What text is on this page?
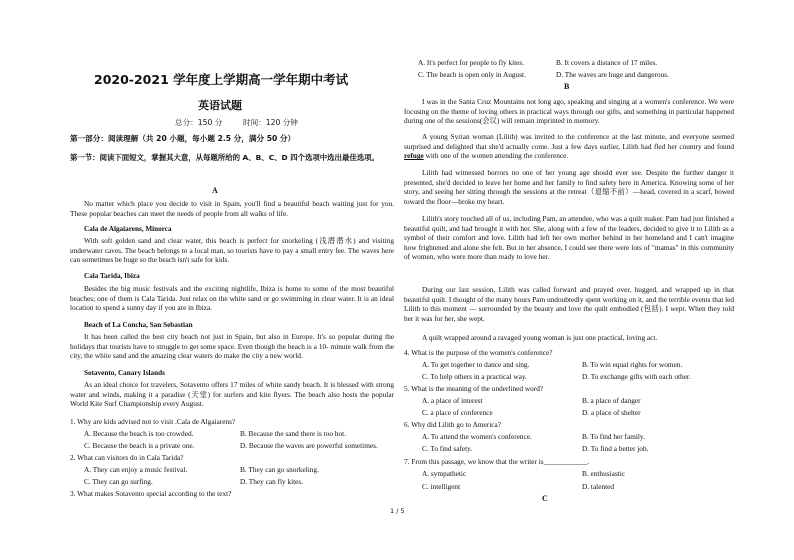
2020-2021 学年度上学期高一学年期中考试
英语试题
总分：150 分	时间：120 分钟
第一部分：阅读理解（共 20 小题，每小题 2.5 分，满分 50 分）
第一节：阅读下面短文，掌握其大意，从每题所给的 A、B、C、D 四个选项中选出最佳选项。
A
No matter which place you decide to visit in Spain, you'll find a beautiful beach waiting just for you. These popular beaches can meet the needs of people from all walks of life.
Cala de Algaiarens, Minorca
With soft golden sand and clear water, this beach is perfect for snorkeling (浅潜潜水) and visiting underwater caves. The beach belongs to a local man, so tourists have to pay a small entry fee. The waves here can sometimes be huge so the beach isn't safe for kids.
Cala Tarida, Ibiza
Besides the big music festivals and the exciting nightlife, Ibiza is home to some of the most beautiful beaches; one of them is Cala Tarida. Just relax on the white sand or go swimming in clear water. It is an ideal location to spend a sunny day if you are in Ibiza.
Beach of La Concha, San Sebastian
It has been called the best city beach not just in Spain, but also in Europe. It's so popular during the holidays that tourists have to struggle to get some space. Even though the beach is a 10- minute walk from the city, the white sand and the amazing clear waters do make the city a new world.
Sotavento, Canary Islands
As an ideal choice for travelers, Sotavento offers 17 miles of white sandy beach. It is blessed with strong water and winds, making it a paradise (天堂) for surfers and kite flyers. The beach also hosts the popular World Kite Surf Championship every August.
1. Why are kids advised not to visit .Cala de Algaiarens?
A. Because the beach is too crowded.	B. Because the sand there is too hot.
C. Because the beach is a private one.	D. Because the waves are powerful sometimes.
2. What can visitors do in Cala Tarida?
A. They can enjoy a music festival.	B. They can go snorkeling.
C. They can go surfing.	D. They can fly kites.
3. What makes Sotavento special according to the text?
A. It's perfect for people to fly kites.	B. It covers a distance of 17 miles.
C. The beach is open only in August.	D. The waves are huge and dangerous.
B
I was in the Santa Cruz Mountains not long ago, speaking and singing at a women's conference. We were focusing on the theme of loving others in practical ways through our gifts, and something in particular happened during one of the sessions(会议) will remain imprinted in memory.
A young Syrian woman (Lilith) was invited to the conference at the last minute, and everyone seemed surprised and delighted that she'd actually come. Just a few days earlier, Lilith had fled her country and found refuge with one of the women attending the conference.
Lilith had witnessed horrors no one of her young age should ever see. Despite the further danger it presented, she'd decided to leave her home and her family to find safety here in America. Knowing some of her story, and seeing her sitting through the sessions at the retreat（退缩不前）—head, covered in a scarf, bowed toward the floor—broke my heart.
Lilith's story touched all of us, including Pam, an attendee, who was a quilt maker. Pam had just finished a beautiful quilt, and had brought it with her. She, along with a few of the leaders, decided to give it to Lilith as a symbol of their comfort and love. Lilith had left her own mother behind in her homeland and I can't imagine how frightened and alone she felt. But in her absence, I could see there were lots of "mamas" in this community of women, who were more than ready to love her.
During our last session, Lilith was called forward and prayed over, hugged, and wrapped up in that beautiful quilt. I thought of the many hours Pam undoubtedly spent working on it, and the terrible events that led Lilith to this moment — surrounded by the beauty and love the quilt embodied (包括). I wept. When they told her it was for her, she wept.
A quilt wrapped around a ravaged young woman is just one practical, loving act.
4. What is the purpose of the women's conference?
A. To get together to dance and sing.	B. To win equal rights for women.
C. To help others in a practical way.	D. To exchange gifts with each other.
5. What is the meaning of the underlined word?
A. a place of interest	B. a place of danger
C. a place of conference	D. a place of shelter
6. Why did Lilith go to America?
A. To attend the women's conference.	B. To find her family.
C. To find safety.	D. To find a better job.
7. From this passage, we know that the writer is____________.
A. sympathetic	B. enthusiastic
C. intelligent	D. talented
C
1 / 5
